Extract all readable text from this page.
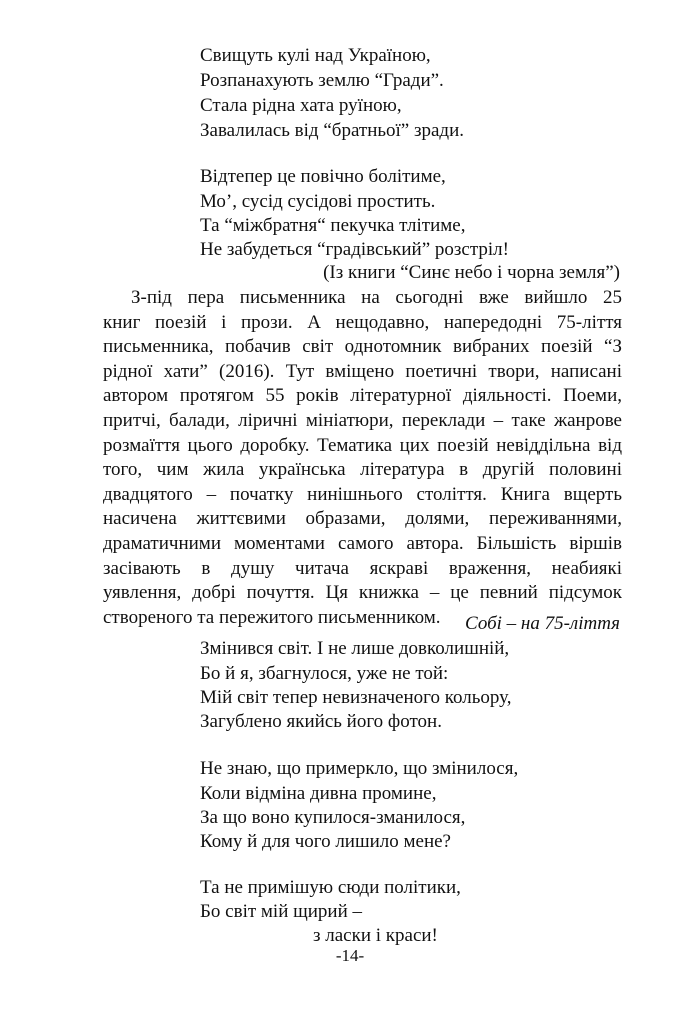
Свищуть кулі над Україною,
Розпанахують землю “Гради”.
Стала рідна хата руїною,
Завалилась від “братньої” зради.
Відтепер це повічно болітиме,
Мо’, сусід сусідові простить.
Та “міжбратня“ пекучка тлітиме,
Не забудеться “градівський” розстріл!
(Із книги “Синє небо і чорна земля”)
З-під пера письменника на сьогодні вже вийшло 25
книг поезій і прози. А нещодавно, напередодні 75-ліття
письменника, побачив світ однотомник вибраних поезій “З
рідної хати” (2016). Тут вміщено поетичні твори, написані
автором протягом 55 років літературної діяльності. Поеми,
притчі, балади, ліричні мініатюри, переклади – таке жанрове
розмаїття цього доробку. Тематика цих поезій невіддільна від
того, чим жила українська література в другій половині
двадцятого – початку нинішнього століття. Книга вщерть
насичена життєвими образами, долями, переживаннями,
драматичними моментами самого автора. Більшість віршів
засівають в душу читача яскраві враження, неабиякі
уявлення, добрі почуття. Ця книжка – це певний підсумок
створеного та пережитого письменником.	Собі – на 75-ліття
Змінився світ. І не лише довколишній,
Бо й я, збагнулося, уже не той:
Мій світ тепер невизначеного кольору,
Загублено якийсь його фотон.
Не знаю, що примеркло, що змінилося,
Коли відміна дивна промине,
За що воно купилося-зманилося,
Кому й для чого лишило мене?
Та не примішую сюди політики,
Бо світ мій щирий –
з ласки і краси!
-14-
